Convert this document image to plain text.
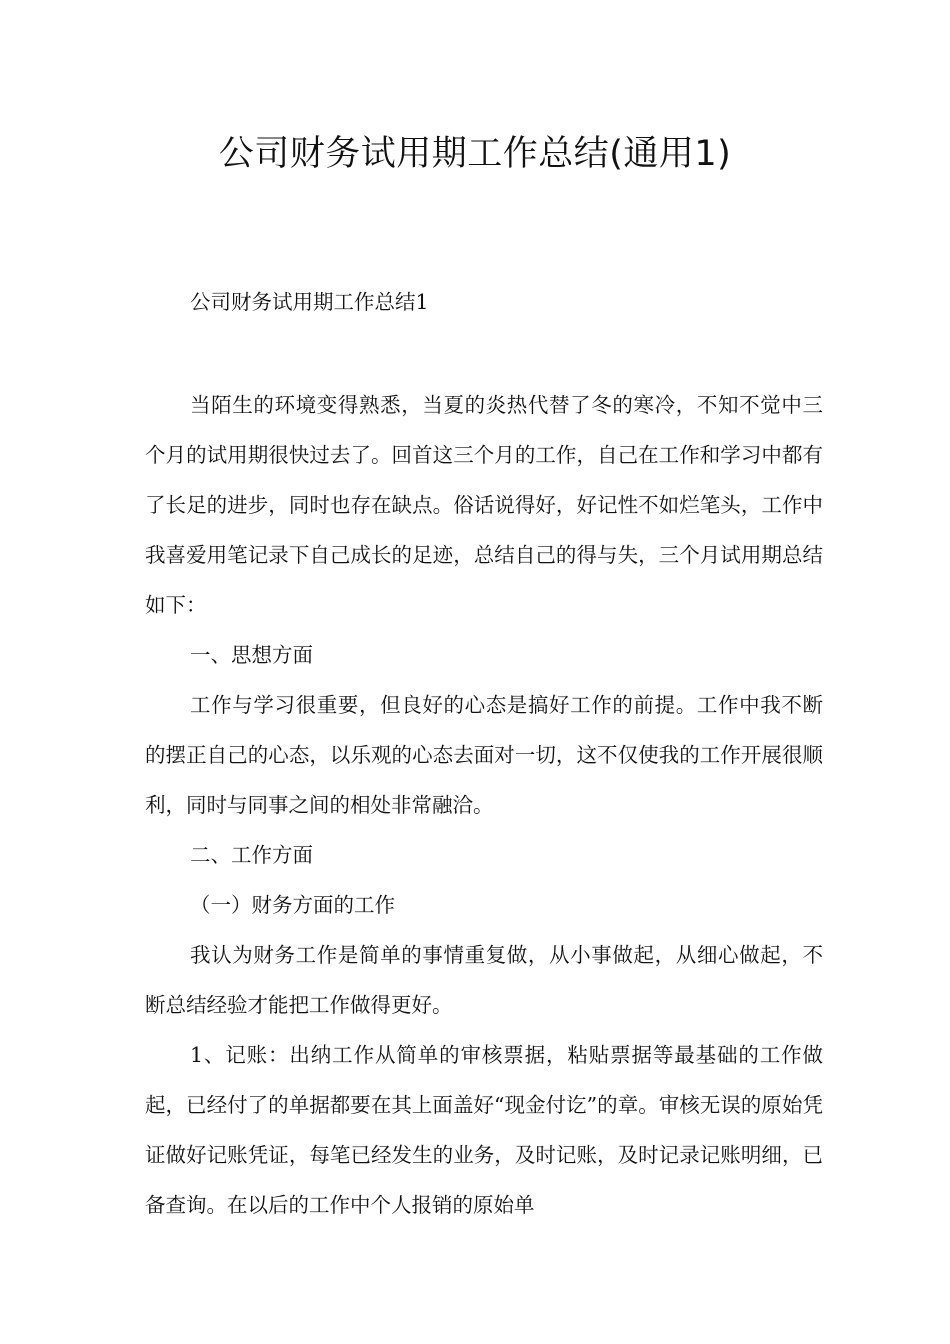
公司财务试用期工作总结(通用1)
公司财务试用期工作总结1

当陌生的环境变得熟悉，当夏的炎热代替了冬的寒冷，不知不觉中三个月的试用期很快过去了。回首这三个月的工作，自己在工作和学习中都有了长足的进步，同时也存在缺点。俗话说得好，好记性不如烂笔头，工作中我喜爱用笔记录下自己成长的足迹，总结自己的得与失，三个月试用期总结如下：

一、思想方面

工作与学习很重要，但良好的心态是搞好工作的前提。工作中我不断的摆正自己的心态，以乐观的心态去面对一切，这不仅使我的工作开展很顺利，同时与同事之间的相处非常融洽。

二、工作方面

（一）财务方面的工作

我认为财务工作是简单的事情重复做，从小事做起，从细心做起，不断总结经验才能把工作做得更好。

1、记账：出纳工作从简单的审核票据，粘贴票据等最基础的工作做起，已经付了的单据都要在其上面盖好“现金付讫”的章。审核无误的原始凭证做好记账凭证，每笔已经发生的业务，及时记账，及时记录记账明细，已备查询。在以后的工作中个人报销的原始单
